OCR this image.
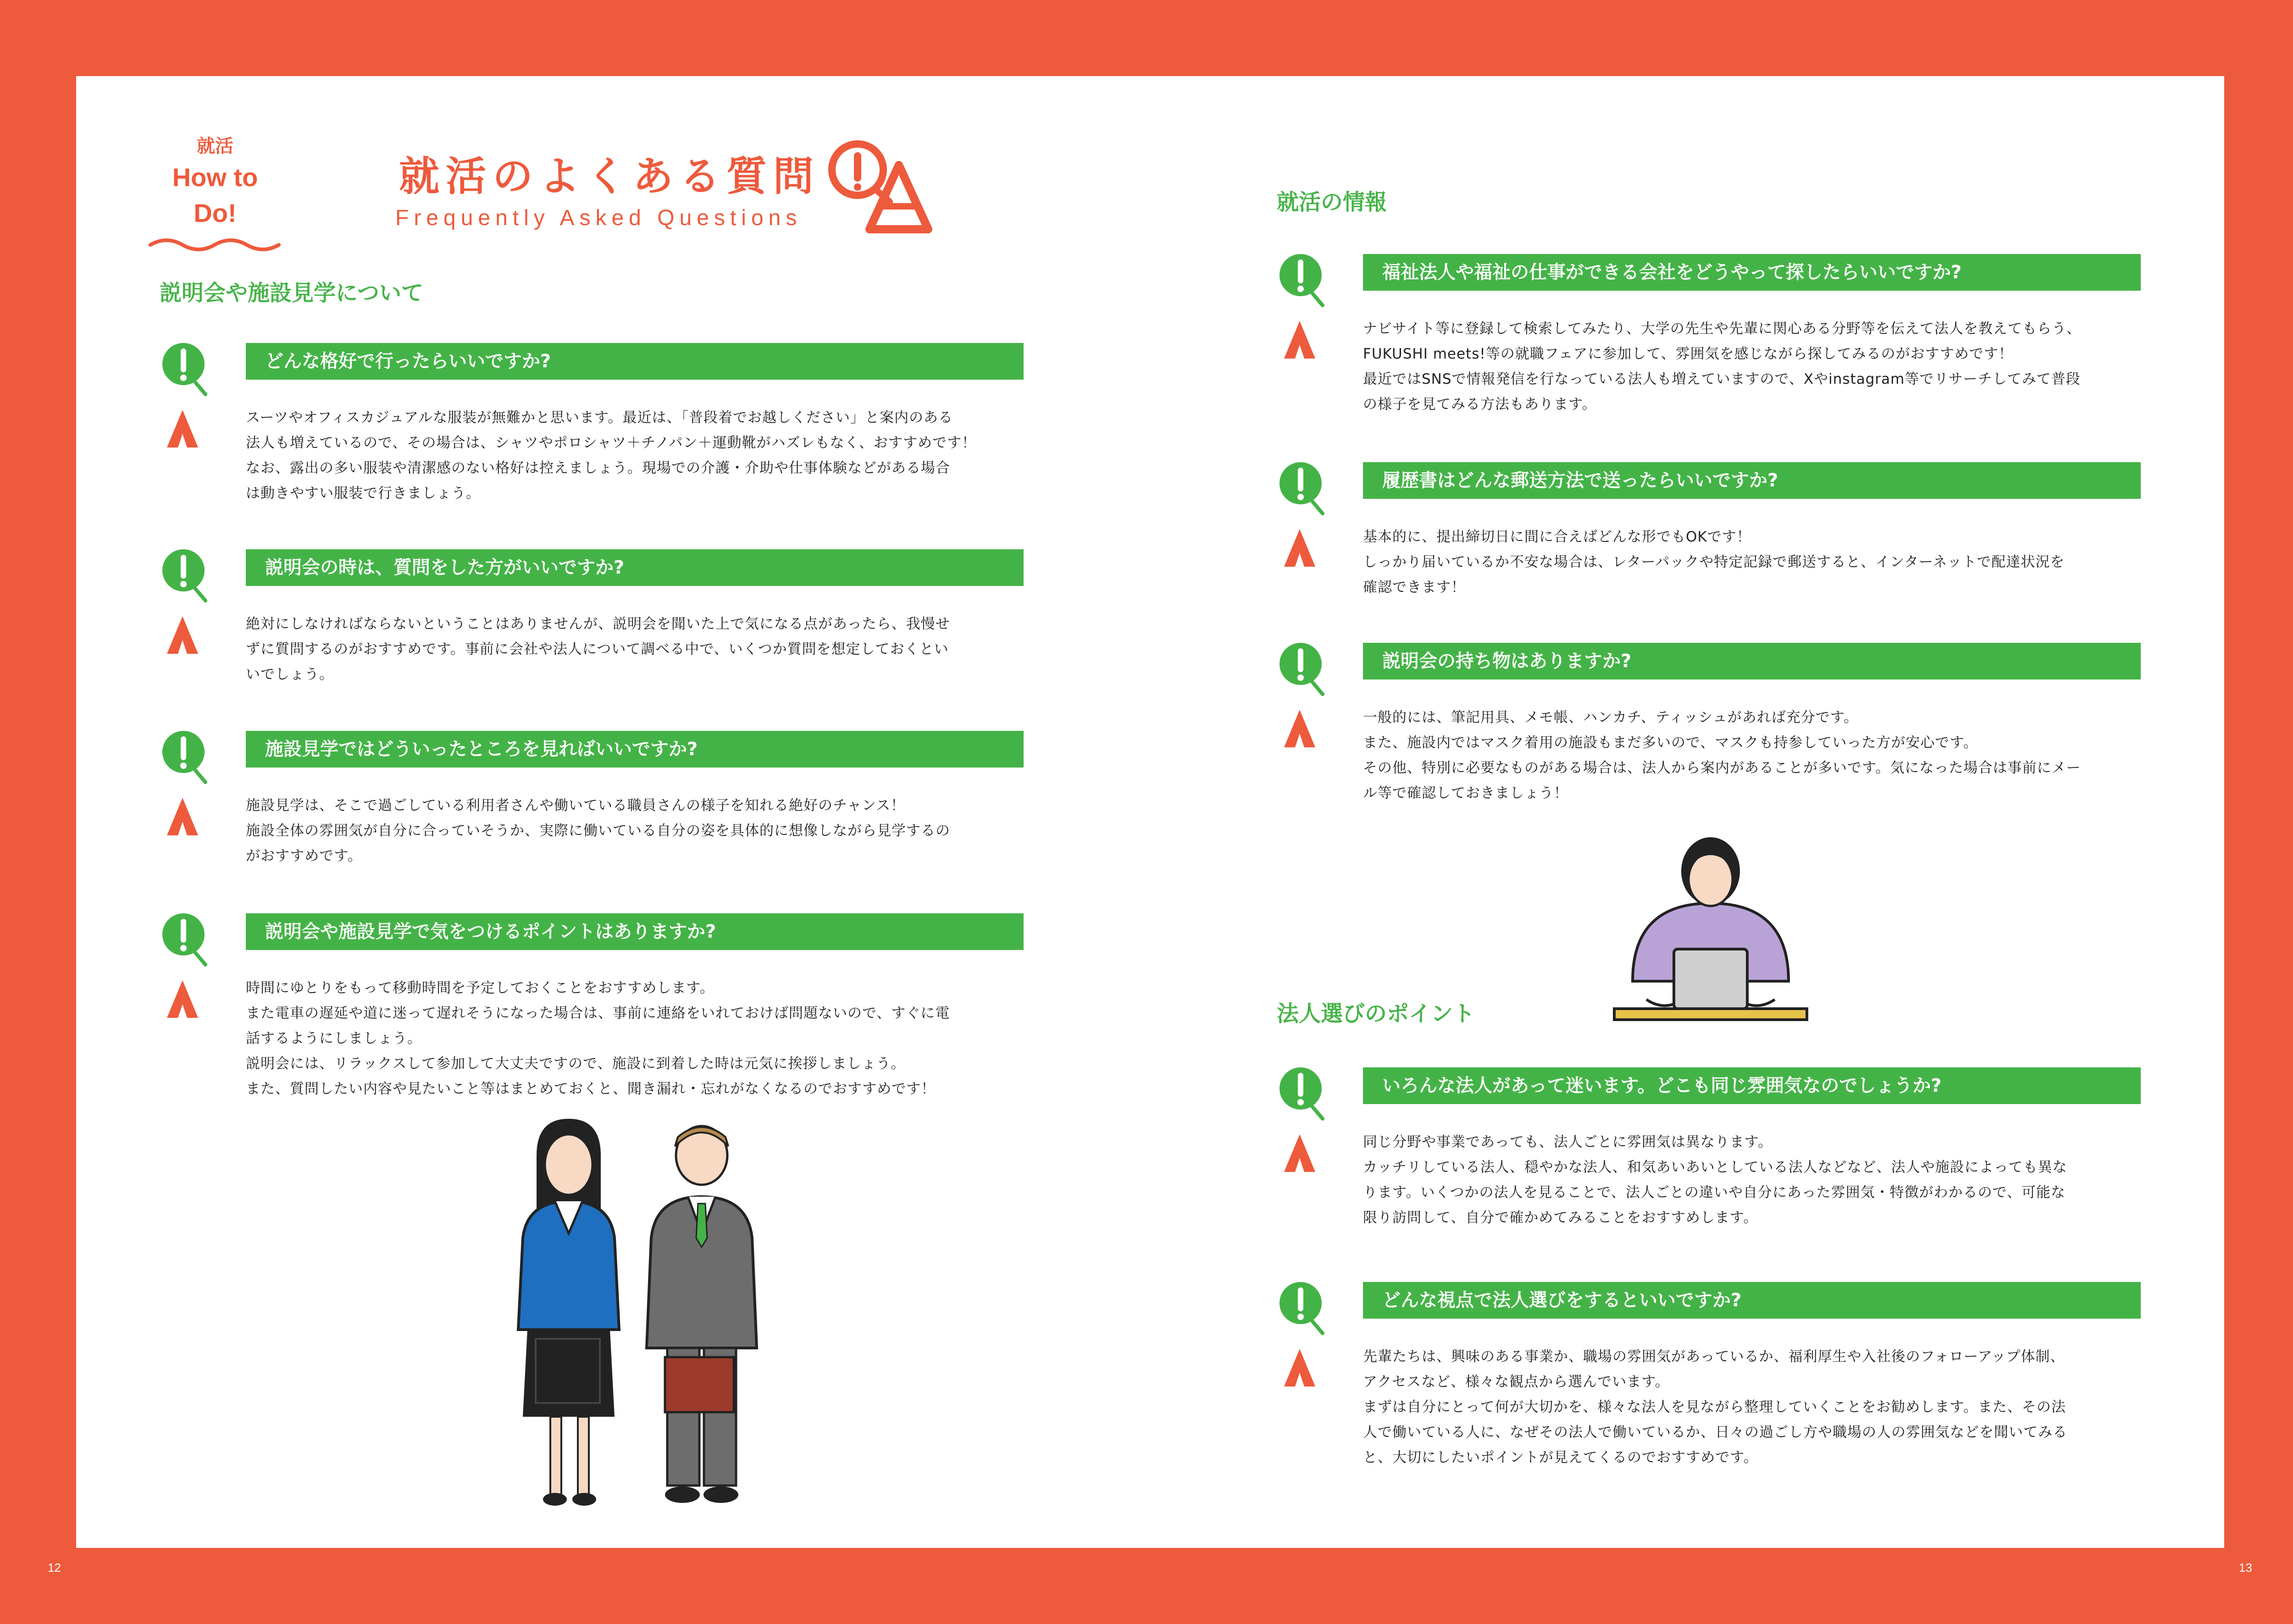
12	13
就活
How to Do!
就活のよくある質問
Frequently Asked Questions
説明会や施設見学について
就活の情報
法人選びのポイント
どんな格好で行ったらいいですか?
スーツやオフィスカジュアルな服装が無難かと思います。最近は、「普段着でお越しください」と案内のある
法人も増えているので、その場合は、シャツやポロシャツ＋チノパン＋運動靴がハズレもなく、おすすめです！
なお、露出の多い服装や清潔感のない格好は控えましょう。現場での介護・介助や仕事体験などがある場合
は動きやすい服装で行きましょう。
説明会の時は、質問をした方がいいですか?
絶対にしなければならないということはありませんが、説明会を聞いた上で気になる点があったら、我慢せ
ずに質問するのがおすすめです。事前に会社や法人について調べる中で、いくつか質問を想定しておくとい
いでしょう。
施設見学ではどういったところを見ればいいですか?
施設見学は、そこで過ごしている利用者さんや働いている職員さんの様子を知れる絶好のチャンス！
施設全体の雰囲気が自分に合っていそうか、実際に働いている自分の姿を具体的に想像しながら見学するの
がおすすめです。
説明会や施設見学で気をつけるポイントはありますか?
時間にゆとりをもって移動時間を予定しておくことをおすすめします。
また電車の遅延や道に迷って遅れそうになった場合は、事前に連絡をいれておけば問題ないので、すぐに電
話するようにしましょう。
説明会には、リラックスして参加して大丈夫ですので、施設に到着した時は元気に挨拶しましょう。
また、質問したい内容や見たいこと等はまとめておくと、聞き漏れ・忘れがなくなるのでおすすめです！
福祉法人や福祉の仕事ができる会社をどうやって探したらいいですか?
ナビサイト等に登録して検索してみたり、大学の先生や先輩に関心ある分野等を伝えて法人を教えてもらう、
FUKUSHI meets!等の就職フェアに参加して、雰囲気を感じながら探してみるのがおすすめです！
最近ではSNSで情報発信を行なっている法人も増えていますので、Xやinstagram等でリサーチしてみて普段
の様子を見てみる方法もあります。
履歴書はどんな郵送方法で送ったらいいですか?
基本的に、提出締切日に間に合えばどんな形でもOKです！
しっかり届いているか不安な場合は、レターパックや特定記録で郵送すると、インターネットで配達状況を
確認できます！
説明会の持ち物はありますか?
一般的には、筆記用具、メモ帳、ハンカチ、ティッシュがあれば充分です。
また、施設内ではマスク着用の施設もまだ多いので、マスクも持参していった方が安心です。
その他、特別に必要なものがある場合は、法人から案内があることが多いです。気になった場合は事前にメー
ル等で確認しておきましょう！
いろんな法人があって迷います。どこも同じ雰囲気なのでしょうか?
同じ分野や事業であっても、法人ごとに雰囲気は異なります。
カッチリしている法人、穏やかな法人、和気あいあいとしている法人などなど、法人や施設によっても異な
ります。いくつかの法人を見ることで、法人ごとの違いや自分にあった雰囲気・特徴がわかるので、可能な
限り訪問して、自分で確かめてみることをおすすめします。
どんな視点で法人選びをするといいですか?
先輩たちは、興味のある事業か、職場の雰囲気があっているか、福利厚生や入社後のフォローアップ体制、
アクセスなど、様々な観点から選んでいます。
まずは自分にとって何が大切かを、様々な法人を見ながら整理していくことをお勧めします。また、その法
人で働いている人に、なぜその法人で働いているか、日々の過ごし方や職場の人の雰囲気などを聞いてみる
と、大切にしたいポイントが見えてくるのでおすすめです。
